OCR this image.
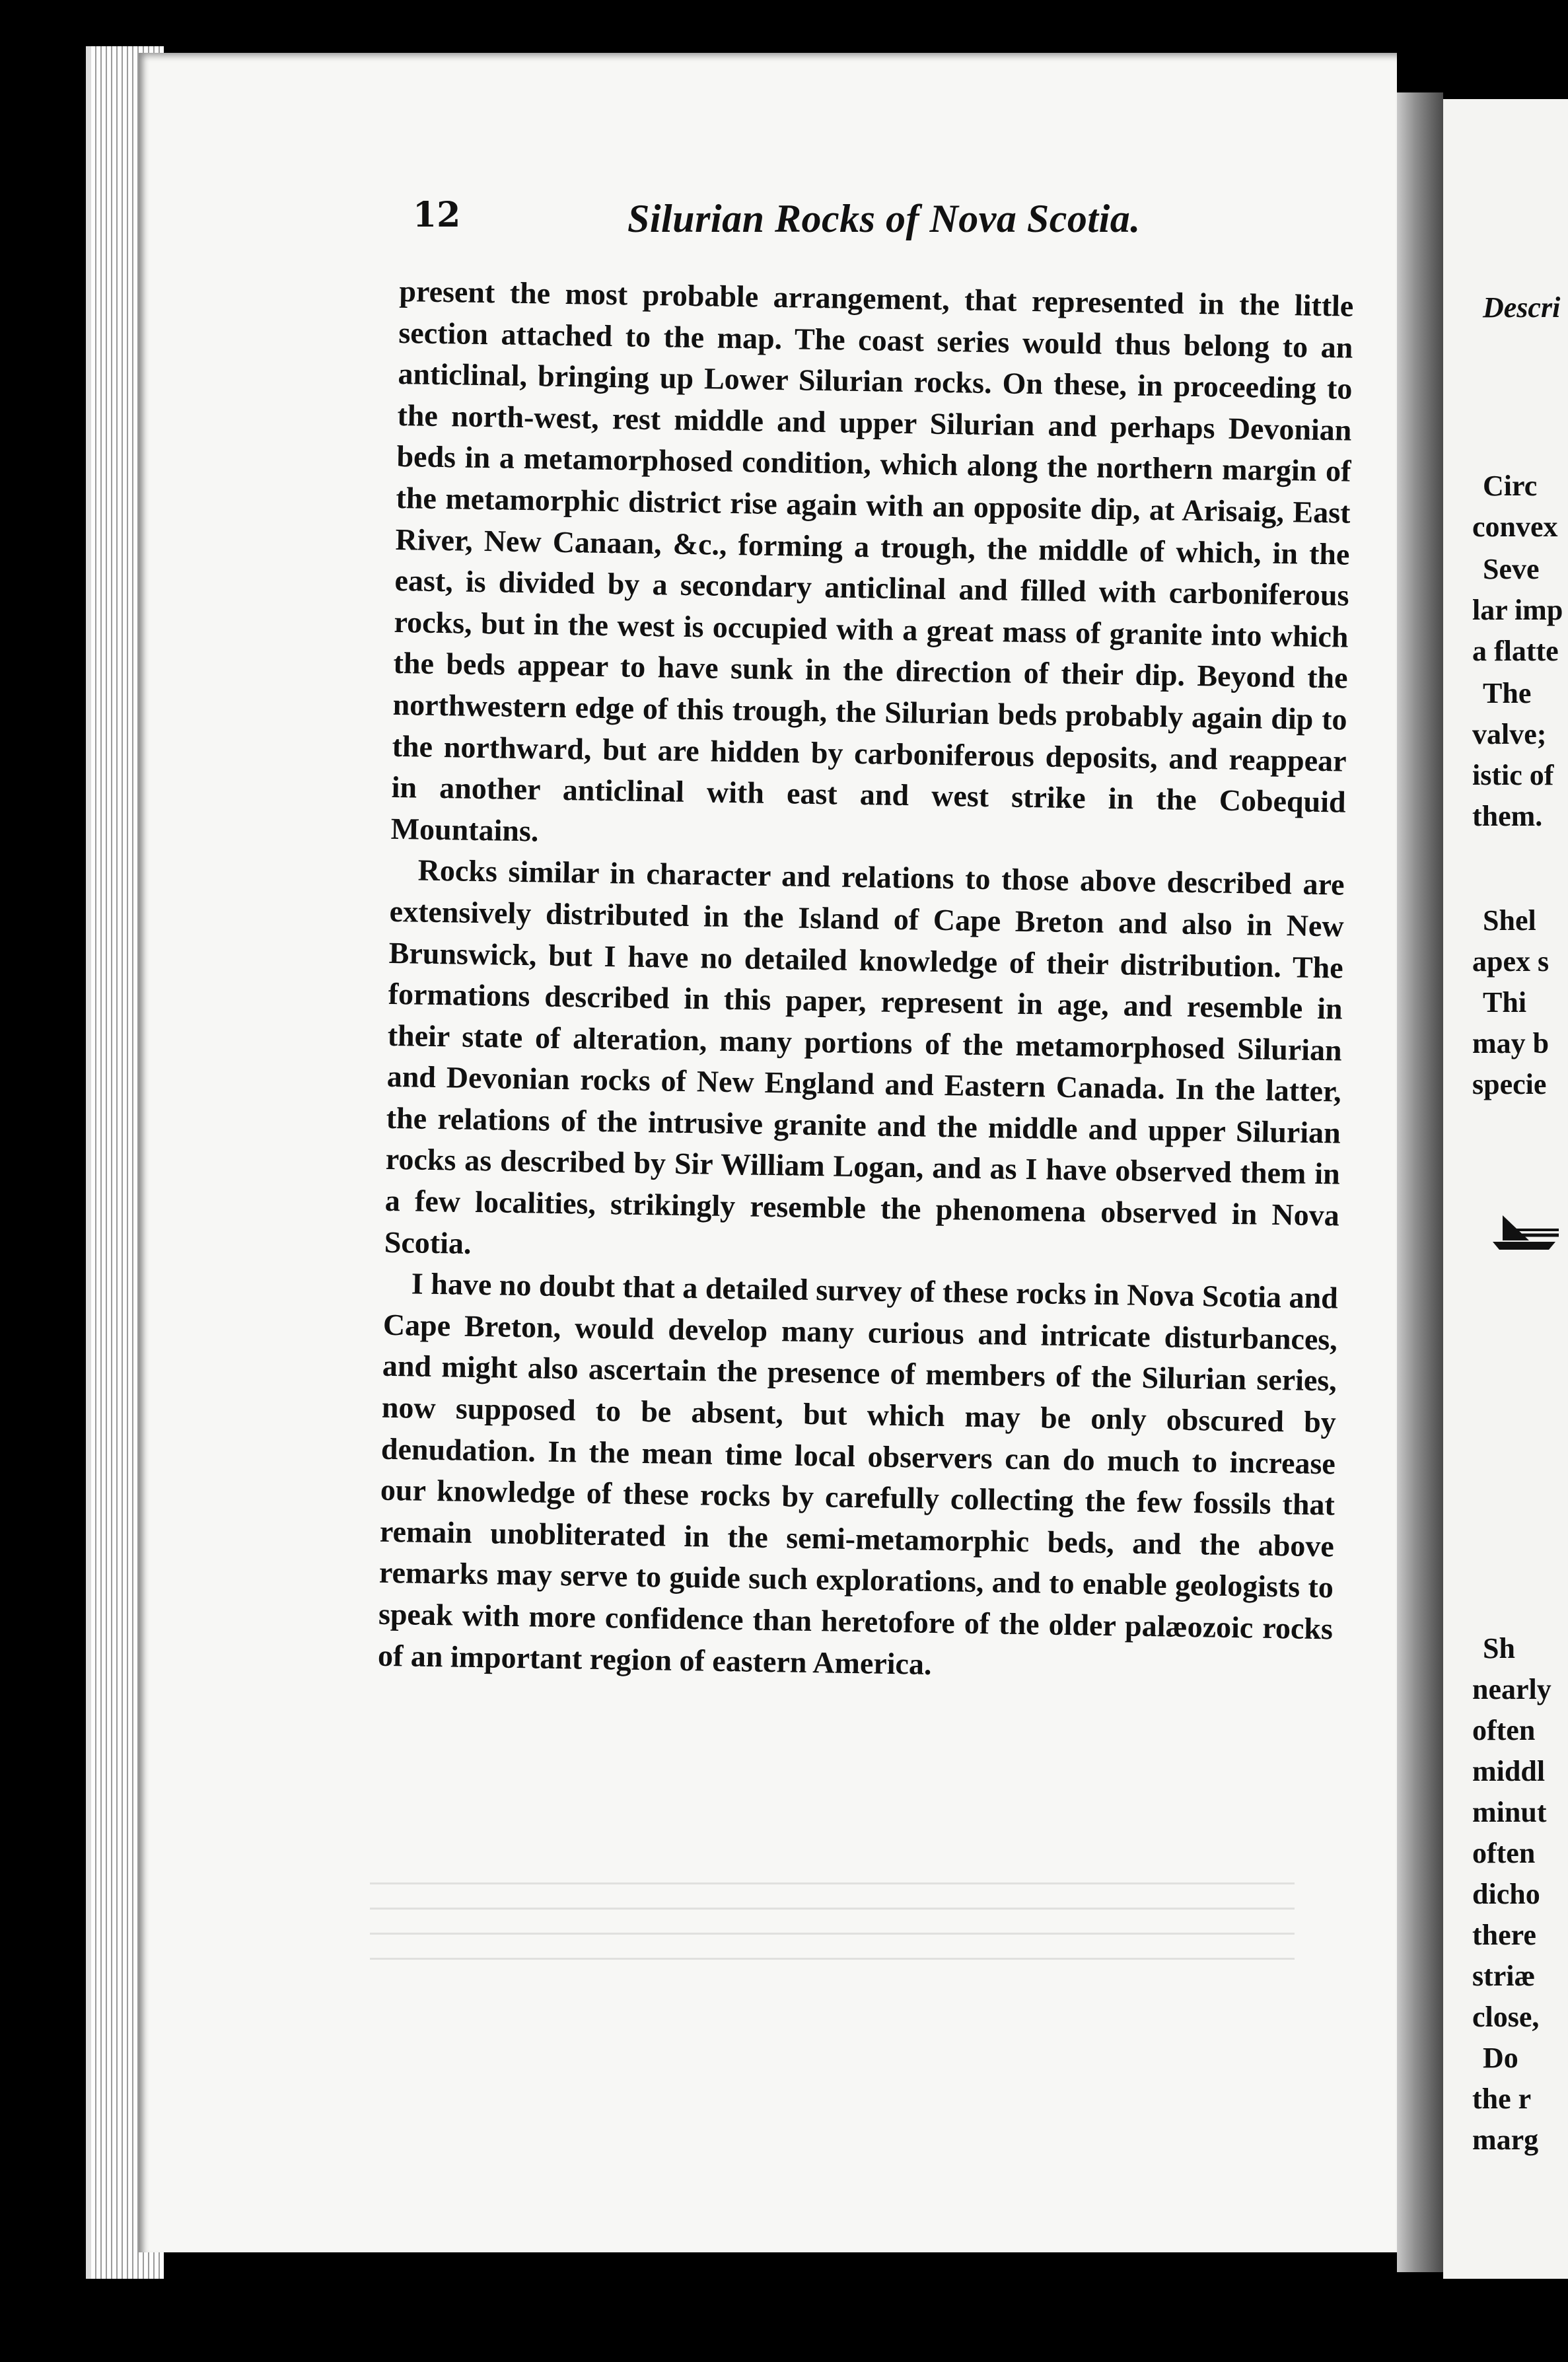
Descri
Circ
convex
Seve
lar imp
a flatte
The
valve;
istic of
them.
Shel
apex s
Thi
may b
specie
Sh
nearly
often
middl
minut
often
dicho
there
striæ
close,
Do
the r
marg
12	Silurian Rocks of Nova Scotia.

present the most probable arrangement, that represented in the little section attached to the map. The coast series would thus belong to an anticlinal, bringing up Lower Silurian rocks. On these, in proceeding to the north-west, rest middle and upper Silurian and perhaps Devonian beds in a metamorphosed condition, which along the northern margin of the metamorphic district rise again with an opposite dip, at Arisaig, East River, New Canaan, &c., forming a trough, the middle of which, in the east, is divided by a secondary anticlinal and filled with carboniferous rocks, but in the west is occupied with a great mass of granite into which the beds appear to have sunk in the direction of their dip. Beyond the northwestern edge of this trough, the Silurian beds probably again dip to the northward, but are hidden by carboniferous deposits, and reappear in another anticlinal with east and west strike in the Cobequid Mountains.

Rocks similar in character and relations to those above described are extensively distributed in the Island of Cape Breton and also in New Brunswick, but I have no detailed knowledge of their distribution. The formations described in this paper, represent in age, and resemble in their state of alteration, many portions of the metamorphosed Silurian and Devonian rocks of New England and Eastern Canada. In the latter, the relations of the intrusive granite and the middle and upper Silurian rocks as described by Sir William Logan, and as I have observed them in a few localities, strikingly resemble the phenomena observed in Nova Scotia.

I have no doubt that a detailed survey of these rocks in Nova Scotia and Cape Breton, would develop many curious and intricate disturbances, and might also ascertain the presence of members of the Silurian series, now supposed to be absent, but which may be only obscured by denudation. In the mean time local observers can do much to increase our knowledge of these rocks by carefully collecting the few fossils that remain unobliterated in the semi-metamorphic beds, and the above remarks may serve to guide such explorations, and to enable geologists to speak with more confidence than heretofore of the older palæozoic rocks of an important region of eastern America.
